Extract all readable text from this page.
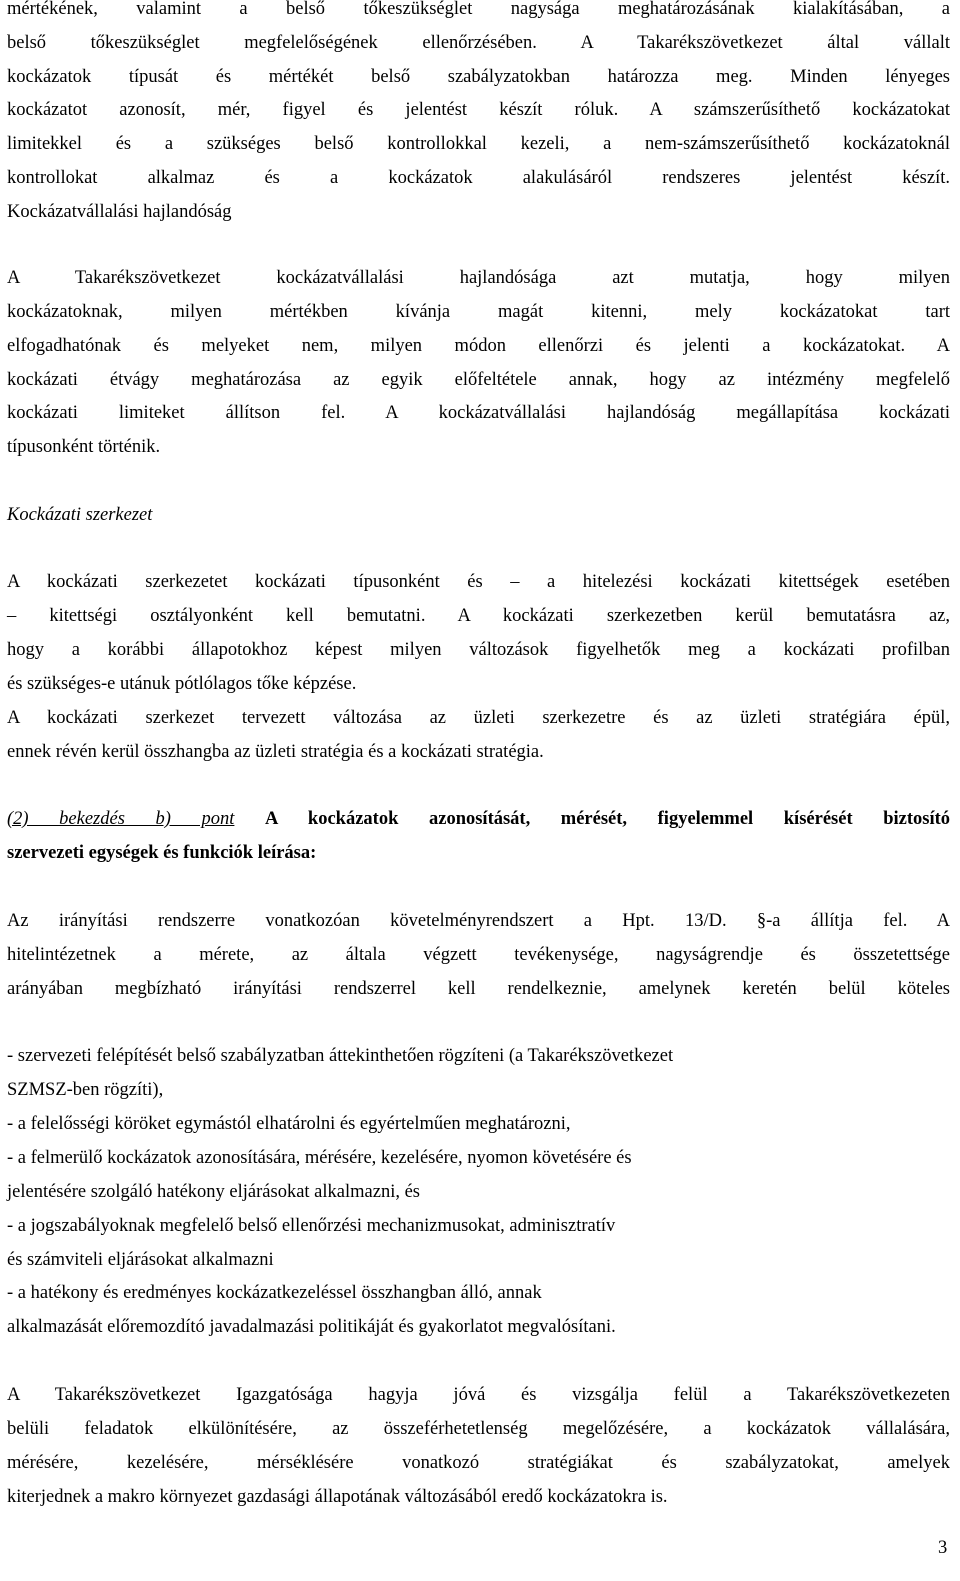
mértékének, valamint a belső tőkeszükséglet nagysága meghatározásának kialakításában, a
belső tőkeszükséglet megfelelőségének ellenőrzésében. A Takarékszövetkezet által vállalt
kockázatok típusát és mértékét belső szabályzatokban határozza meg. Minden lényeges
kockázatot azonosít, mér, figyel és jelentést készít róluk. A számszerűsíthető kockázatokat
limitekkel és a szükséges belső kontrollokkal kezeli, a nem-számszerűsíthető kockázatoknál
kontrollokat alkalmaz és a kockázatok alakulásáról rendszeres jelentést készít.
Kockázatvállalási hajlandóság
A Takarékszövetkezet kockázatvállalási hajlandósága azt mutatja, hogy milyen
kockázatoknak, milyen mértékben kívánja magát kitenni, mely kockázatokat tart
elfogadhatónak és melyeket nem, milyen módon ellenőrzi és jelenti a kockázatokat. A
kockázati étvágy meghatározása az egyik előfeltétele annak, hogy az intézmény megfelelő
kockázati limiteket állítson fel. A kockázatvállalási hajlandóság megállapítása kockázati
típusonként történik.
Kockázati szerkezet
A kockázati szerkezetet kockázati típusonként és – a hitelezési kockázati kitettségek esetében
– kitettségi osztályonként kell bemutatni. A kockázati szerkezetben kerül bemutatásra az,
hogy a korábbi állapotokhoz képest milyen változások figyelhetők meg a kockázati profilban
és szükséges-e utánuk pótlólagos tőke képzése.
A kockázati szerkezet tervezett változása az üzleti szerkezetre és az üzleti stratégiára épül,
ennek révén kerül összhangba az üzleti stratégia és a kockázati stratégia.
(2) bekezdés b) pont A kockázatok azonosítását, mérését, figyelemmel kísérését biztosító
szervezeti egységek és funkciók leírása:
Az irányítási rendszerre vonatkozóan követelményrendszert a Hpt. 13/D. §-a állítja fel. A
hitelintézetnek a mérete, az általa végzett tevékenysége, nagyságrendje és összetettsége
arányában megbízható irányítási rendszerrel kell rendelkeznie, amelynek keretén belül köteles
- szervezeti felépítését belső szabályzatban áttekinthetően rögzíteni (a Takarékszövetkezet
SZMSZ-ben rögzíti),
- a felelősségi köröket egymástól elhatárolni és egyértelműen meghatározni,
- a felmerülő kockázatok azonosítására, mérésére, kezelésére, nyomon követésére és
jelentésére szolgáló hatékony eljárásokat alkalmazni, és
- a jogszabályoknak megfelelő belső ellenőrzési mechanizmusokat, adminisztratív
és számviteli eljárásokat alkalmazni
- a hatékony és eredményes kockázatkezeléssel összhangban álló, annak
alkalmazását előremozdító javadalmazási politikáját és gyakorlatot megvalósítani.
A Takarékszövetkezet Igazgatósága hagyja jóvá és vizsgálja felül a Takarékszövetkezeten
belüli feladatok elkülönítésére, az összeférhetetlenség megelőzésére, a kockázatok vállalására,
mérésére, kezelésére, mérséklésére vonatkozó stratégiákat és szabályzatokat, amelyek
kiterjednek a makro környezet gazdasági állapotának változásából eredő kockázatokra is.
3
